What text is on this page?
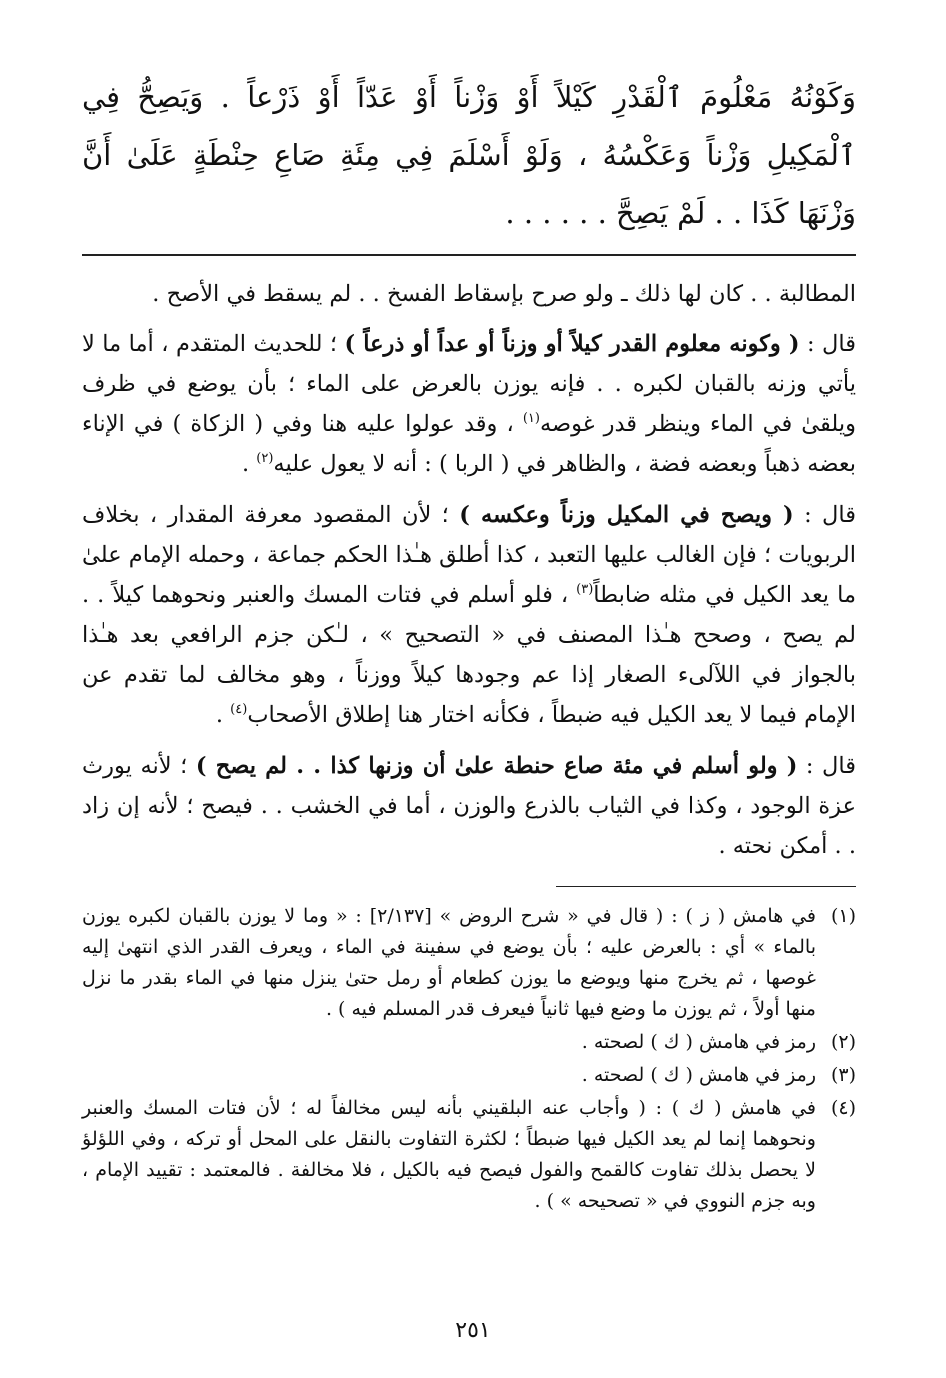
وَكَوْنُهُ مَعْلُومَ ٱلْقَدْرِ كَيْلاً أَوْ وَزْناً أَوْ عَدّاً أَوْ ذَرْعاً . وَيَصِحُّ فِي ٱلْمَكِيلِ وَزْناً وَعَكْسُهُ ، وَلَوْ أَسْلَمَ فِي مِئَةِ صَاعِ حِنْطَةٍ عَلَىٰ أَنَّ وَزْنَهَا كَذَا . . لَمْ يَصِحَّ . . . . . .

المطالبة . . كان لها ذلك ـ ولو صرح بإسقاط الفسخ . . لم يسقط في الأصح .

قال : ( وكونه معلوم القدر كيلاً أو وزناً أو عداً أو ذرعاً ) ؛ للحديث المتقدم ، أما ما لا يأتي وزنه بالقبان لكبره . . فإنه يوزن بالعرض على الماء ؛ بأن يوضع في ظرف ويلقىٰ في الماء وينظر قدر غوصه$^{(١)}$ ، وقد عولوا عليه هنا وفي ( الزكاة ) في الإناء بعضه ذهباً وبعضه فضة ، والظاهر في ( الربا ) : أنه لا يعول عليه$^{(٢)}$ .

قال : ( ويصح في المكيل وزناً وعكسه ) ؛ لأن المقصود معرفة المقدار ، بخلاف الربويات ؛ فإن الغالب عليها التعبد ، كذا أطلق هـٰذا الحكم جماعة ، وحمله الإمام علىٰ ما يعد الكيل في مثله ضابطاً$^{(٣)}$ ، فلو أسلم في فتات المسك والعنبر ونحوهما كيلاً . . لم يصح ، وصحح هـٰذا المصنف في « التصحيح » ، لـٰكن جزم الرافعي بعد هـٰذا بالجواز في اللآلىء الصغار إذا عم وجودها كيلاً ووزناً ، وهو مخالف لما تقدم عن الإمام فيما لا يعد الكيل فيه ضبطاً ، فكأنه اختار هنا إطلاق الأصحاب$^{(٤)}$ .

قال : ( ولو أسلم في مئة صاع حنطة علىٰ أن وزنها كذا . . لم يصح ) ؛ لأنه يورث عزة الوجود ، وكذا في الثياب بالذرع والوزن ، أما في الخشب . . فيصح ؛ لأنه إن زاد . . أمكن نحته .

(١)
في هامش ( ز ) : ( قال في « شرح الروض » [٢/١٣٧] : « وما لا يوزن بالقبان لكبره يوزن بالماء » أي : بالعرض عليه ؛ بأن يوضع في سفينة في الماء ، ويعرف القدر الذي انتهىٰ إليه غوصها ، ثم يخرج منها ويوضع ما يوزن كطعام أو رمل حتىٰ ينزل منها في الماء بقدر ما نزل منها أولاً ، ثم يوزن ما وضع فيها ثانياً فيعرف قدر المسلم فيه ) .
(٢)
رمز في هامش ( ك ) لصحته .
(٣)
رمز في هامش ( ك ) لصحته .
(٤)
في هامش ( ك ) : ( وأجاب عنه البلقيني بأنه ليس مخالفاً له ؛ لأن فتات المسك والعنبر ونحوهما إنما لم يعد الكيل فيها ضبطاً ؛ لكثرة التفاوت بالنقل على المحل أو تركه ، وفي اللؤلؤ لا يحصل بذلك تفاوت كالقمح والفول فيصح فيه بالكيل ، فلا مخالفة . فالمعتمد : تقييد الإمام ، وبه جزم النووي في « تصحيحه » ) .
٢٥١
